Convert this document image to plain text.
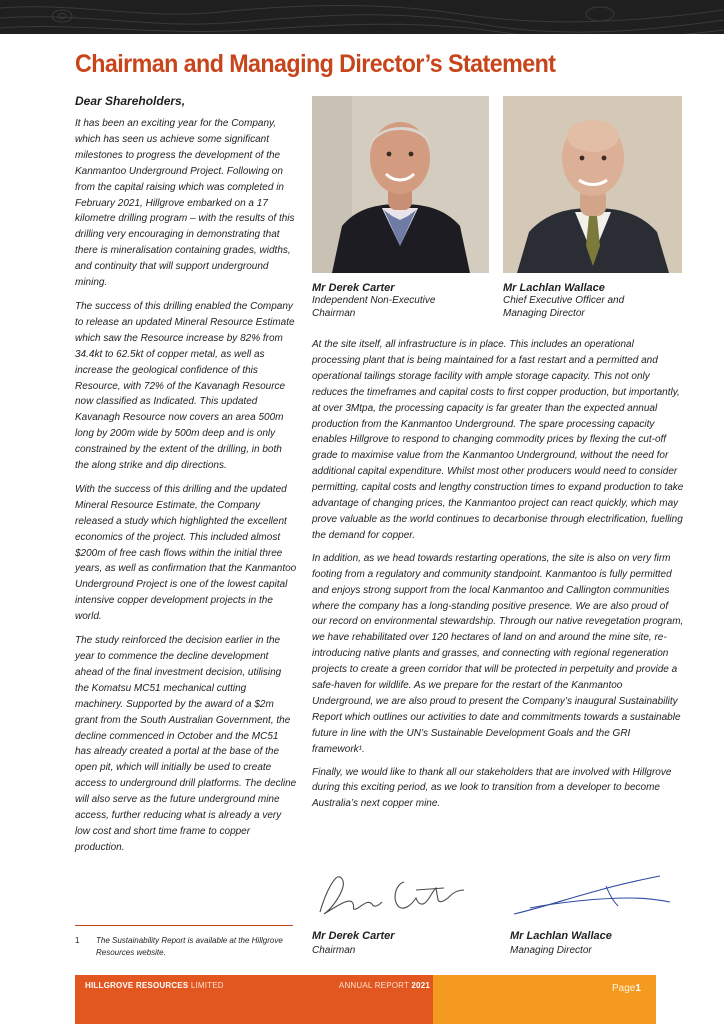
Chairman and Managing Director’s Statement

Dear Shareholders,

It has been an exciting year for the Company, which has seen us achieve some significant milestones to progress the development of the Kanmantoo Underground Project. Following on from the capital raising which was completed in February 2021, Hillgrove embarked on a 17 kilometre drilling program – with the results of this drilling very encouraging in demonstrating that there is mineralisation containing grades, widths, and continuity that will support underground mining.

The success of this drilling enabled the Company to release an updated Mineral Resource Estimate which saw the Resource increase by 82% from 34.4kt to 62.5kt of copper metal, as well as increase the geological confidence of this Resource, with 72% of the Kavanagh Resource now classified as Indicated. This updated Kavanagh Resource now covers an area 500m long by 200m wide by 500m deep and is only constrained by the extent of the drilling, in both the along strike and dip directions.

With the success of this drilling and the updated Mineral Resource Estimate, the Company released a study which highlighted the excellent economics of the project. This included almost $200m of free cash flows within the initial three years, as well as confirmation that the Kanmantoo Underground Project is one of the lowest capital intensive copper development projects in the world.

The study reinforced the decision earlier in the year to commence the decline development ahead of the final investment decision, utilising the Komatsu MC51 mechanical cutting machinery. Supported by the award of a $2m grant from the South Australian Government, the decline commenced in October and the MC51 has already created a portal at the base of the open pit, which will initially be used to create access to underground drill platforms. The decline will also serve as the future underground mine access, further reducing what is already a very low cost and short time frame to copper production.

Mr Derek Carter
Independent Non-Executive
Chairman
Mr Lachlan Wallace
Chief Executive Officer and
Managing Director

At the site itself, all infrastructure is in place. This includes an operational processing plant that is being maintained for a fast restart and a permitted and operational tailings storage facility with ample storage capacity. This not only reduces the timeframes and capital costs to first copper production, but importantly, at over 3Mtpa, the processing capacity is far greater than the expected annual production from the Kanmantoo Underground. The spare processing capacity enables Hillgrove to respond to changing commodity prices by flexing the cut-off grade to maximise value from the Kanmantoo Underground, without the need for additional capital expenditure. Whilst most other producers would need to consider permitting, capital costs and lengthy construction times to expand production to take advantage of changing prices, the Kanmantoo project can react quickly, which may prove valuable as the world continues to decarbonise through electrification, fuelling the demand for copper.

In addition, as we head towards restarting operations, the site is also on very firm footing from a regulatory and community standpoint. Kanmantoo is fully permitted and enjoys strong support from the local Kanmantoo and Callington communities where the company has a long-standing positive presence. We are also proud of our record on environmental stewardship. Through our native revegetation program, we have rehabilitated over 120 hectares of land on and around the mine site, re-introducing native plants and grasses, and connecting with regional regeneration projects to create a green corridor that will be protected in perpetuity and provide a safe-haven for wildlife. As we prepare for the restart of the Kanmantoo Underground, we are also proud to present the Company’s inaugural Sustainability Report which outlines our activities to date and commitments towards a sustainable future in line with the UN’s Sustainable Development Goals and the GRI framework¹.

Finally, we would like to thank all our stakeholders that are involved with Hillgrove during this exciting period, as we look to transition from a developer to become Australia’s next copper mine.

Mr Derek Carter
Chairman
Mr Lachlan Wallace
Managing Director
1	The Sustainability Report is available at the Hillgrove Resources website.
HILLGROVE RESOURCES LIMITED	ANNUAL REPORT 2021	Page1
